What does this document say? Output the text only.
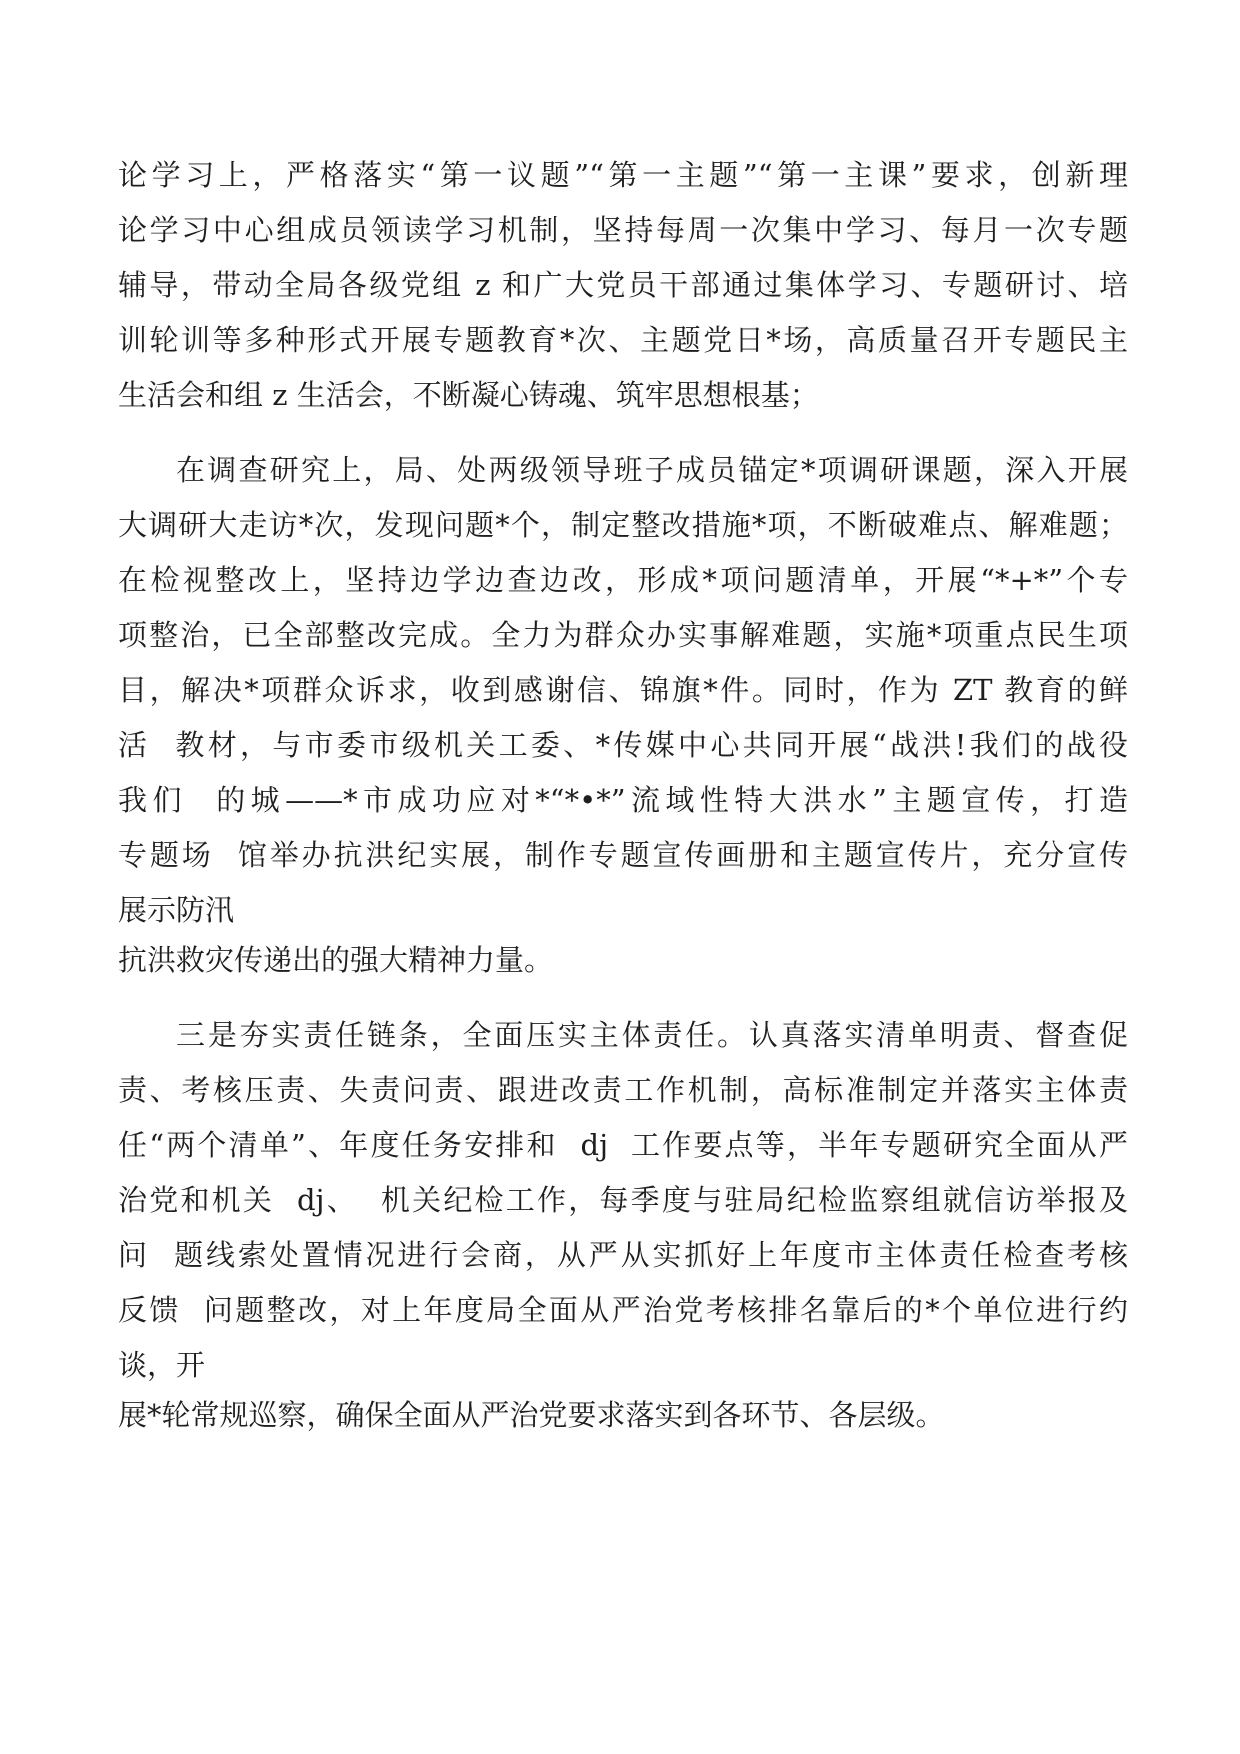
论学习上，严格落实“第一议题”“第一主题”“第一主课”要求，创新理
论学习中心组成员领读学习机制，坚持每周一次集中学习、每月一次专题
辅导，带动全局各级党组 z 和广大党员干部通过集体学习、专题研讨、培
训轮训等多种形式开展专题教育*次、主题党日*场，高质量召开专题民主
生活会和组 z 生活会，不断凝心铸魂、筑牢思想根基；
在调查研究上，局、处两级领导班子成员锚定*项调研课题，深入开展
大调研大走访*次，发现问题*个，制定整改措施*项，不断破难点、解难题；
在检视整改上，坚持边学边查边改，形成*项问题清单，开展“*+*”个专
项整治，已全部整改完成。全力为群众办实事解难题，实施*项重点民生项
目，解决*项群众诉求，收到感谢信、锦旗*件。同时，作为 ZT 教育的鲜
活  教材，与市委市级机关工委、*传媒中心共同开展“战洪!我们的战役
我们  的城——*市成功应对*“*•*”流域性特大洪水”主题宣传，打造
专题场  馆举办抗洪纪实展，制作专题宣传画册和主题宣传片，充分宣传
展示防汛
抗洪救灾传递出的强大精神力量。
三是夯实责任链条，全面压实主体责任。认真落实清单明责、督查促
责、考核压责、失责问责、跟进改责工作机制，高标准制定并落实主体责
任“两个清单”、年度任务安排和  dj  工作要点等，半年专题研究全面从严
治党和机关  dj、  机关纪检工作，每季度与驻局纪检监察组就信访举报及
问  题线索处置情况进行会商，从严从实抓好上年度市主体责任检查考核
反馈  问题整改，对上年度局全面从严治党考核排名靠后的*个单位进行约
谈，开
展*轮常规巡察，确保全面从严治党要求落实到各环节、各层级。
